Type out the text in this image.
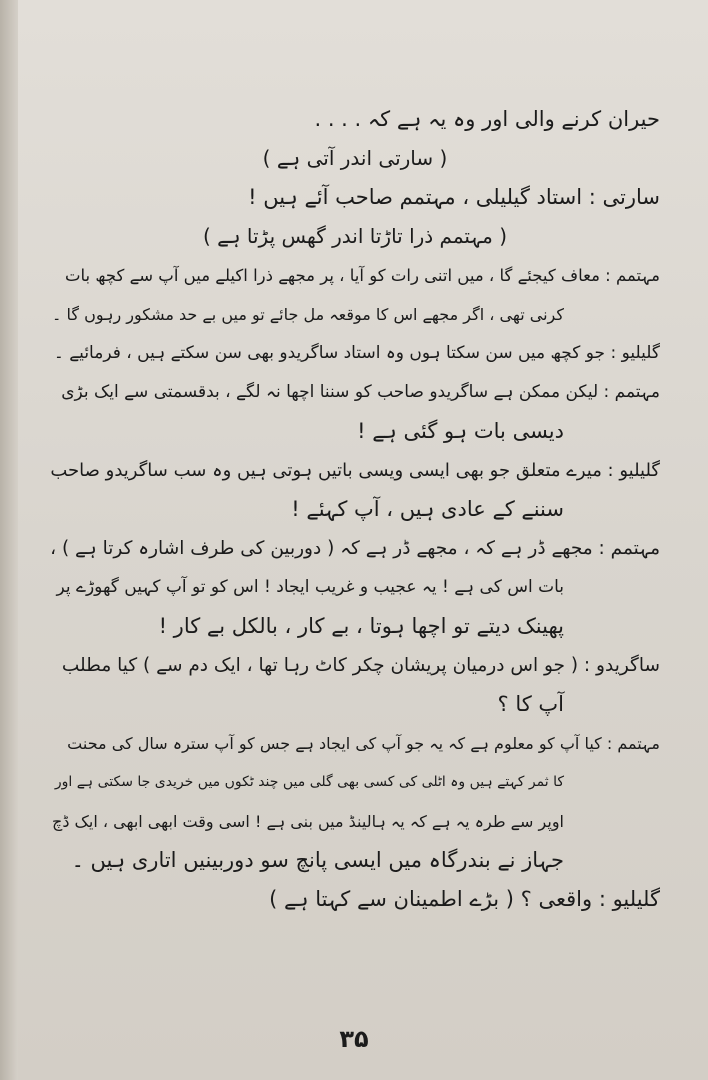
حیران کرنے والی اور وہ یہ ہے کہ . . . .
( سارتی اندر آتی ہے )
سارتی : استاد گیلیلی ، مہتمم صاحب آئے ہیں !
( مہتمم ذرا تاڑتا اندر گھس پڑتا ہے )
مہتمم : معاف کیجئے گا ، میں اتنی رات کو آیا ، پر مجھے ذرا اکیلے میں آپ سے کچھ بات
کرنی تھی ، اگر مجھے اس کا موقعہ مل جائے تو میں بے حد مشکور رہوں گا ۔
گلیلیو : جو کچھ میں سن سکتا ہوں وہ استاد ساگریدو بھی سن سکتے ہیں ، فرمائیے ۔
مہتمم : لیکن ممکن ہے ساگریدو صاحب کو سننا اچھا نہ لگے ، بدقسمتی سے ایک بڑی
دیسی بات ہو گئی ہے !
گلیلیو : میرے متعلق جو بھی ایسی ویسی باتیں ہوتی ہیں وہ سب ساگریدو صاحب
سننے کے عادی ہیں ، آپ کہئے !
مہتمم : مجھے ڈر ہے کہ ، مجھے ڈر ہے کہ ( دوربین کی طرف اشارہ کرتا ہے ) ،
بات اس کی ہے ! یہ عجیب و غریب ایجاد ! اس کو تو آپ کہیں گھوڑے پر
پھینک دیتے تو اچھا ہوتا ، بے کار ، بالکل بے کار !
ساگریدو : ( جو اس درمیان پریشان چکر کاٹ رہا تھا ، ایک دم سے ) کیا مطلب
آپ کا ؟
مہتمم : کیا آپ کو معلوم ہے کہ یہ جو آپ کی ایجاد ہے جس کو آپ سترہ سال کی محنت
کا ثمر کہتے ہیں وہ اٹلی کی کسی بھی گلی میں چند ٹکوں میں خریدی جا سکتی ہے اور
اوپر سے طرہ یہ ہے کہ یہ ہالینڈ میں بنی ہے ! اسی وقت ابھی ابھی ، ایک ڈچ
جہاز نے بندرگاہ میں ایسی پانچ سو دوربینیں اتاری ہیں ۔
گلیلیو : واقعی ؟ ( بڑے اطمینان سے کہتا ہے )
۳۵
